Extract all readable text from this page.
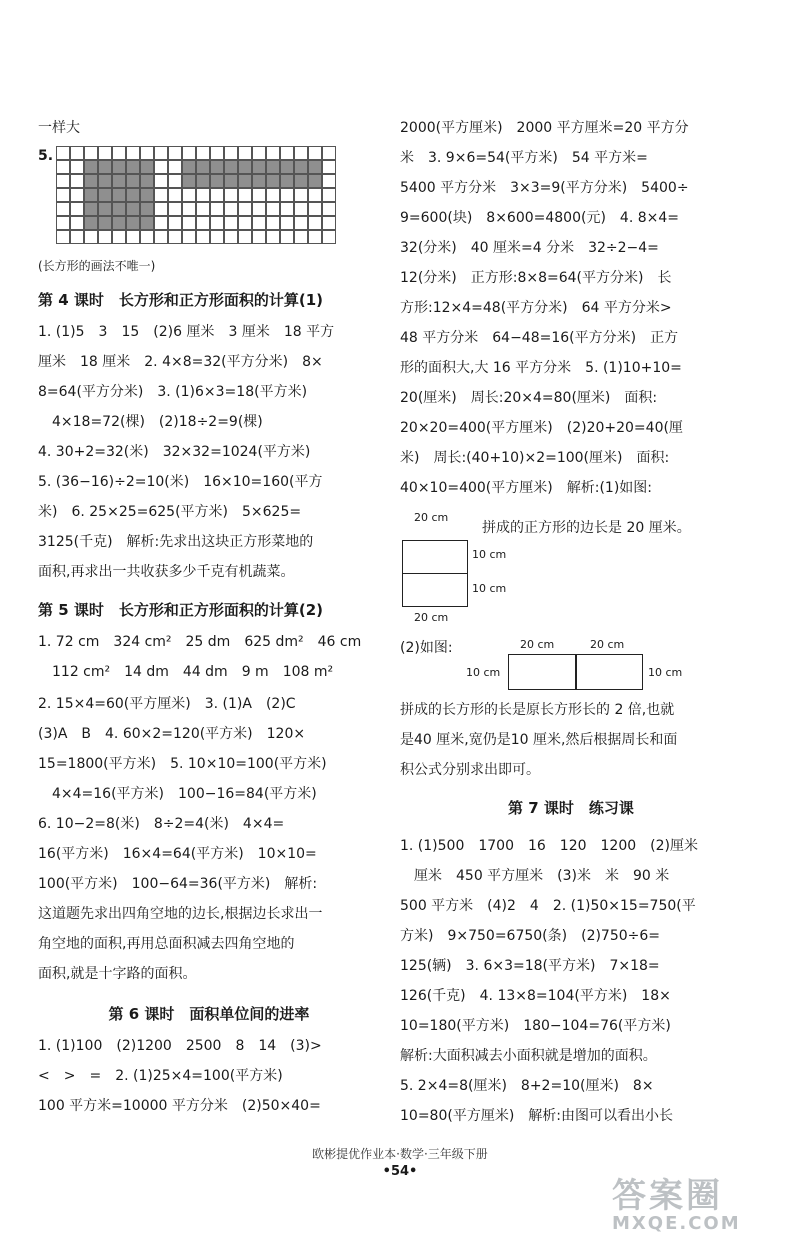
一样大
5.
(长方形的画法不唯一)
第 4 课时　长方形和正方形面积的计算(1)
1. (1)5　3　15　(2)6 厘米　3 厘米　18 平方
厘米　18 厘米　2. 4×8=32(平方分米)　8×
8=64(平方分米)　3. (1)6×3=18(平方米)
4×18=72(棵)　(2)18÷2=9(棵)
4. 30+2=32(米)　32×32=1024(平方米)
5. (36−16)÷2=10(米)　16×10=160(平方
米)　6. 25×25=625(平方米)　5×625=
3125(千克)　解析:先求出这块正方形菜地的
面积,再求出一共收获多少千克有机蔬菜。
第 5 课时　长方形和正方形面积的计算(2)
1. 72 cm　324 cm²　25 dm　625 dm²　46 cm
112 cm²　14 dm　44 dm　9 m　108 m²
2. 15×4=60(平方厘米)　3. (1)A　(2)C
(3)A　B　4. 60×2=120(平方米)　120×
15=1800(平方米)　5. 10×10=100(平方米)
4×4=16(平方米)　100−16=84(平方米)
6. 10−2=8(米)　8÷2=4(米)　4×4=
16(平方米)　16×4=64(平方米)　10×10=
100(平方米)　100−64=36(平方米)　解析:
这道题先求出四角空地的边长,根据边长求出一
角空地的面积,再用总面积减去四角空地的
面积,就是十字路的面积。
第 6 课时　面积单位间的进率
1. (1)100　(2)1200　2500　8　14　(3)>
<　>　=　2. (1)25×4=100(平方米)
100 平方米=10000 平方分米　(2)50×40=
2000(平方厘米)　2000 平方厘米=20 平方分
米　3. 9×6=54(平方米)　54 平方米=
5400 平方分米　3×3=9(平方分米)　5400÷
9=600(块)　8×600=4800(元)　4. 8×4=
32(分米)　40 厘米=4 分米　32÷2−4=
12(分米)　正方形:8×8=64(平方分米)　长
方形:12×4=48(平方分米)　64 平方分米>
48 平方分米　64−48=16(平方分米)　正方
形的面积大,大 16 平方分米　5. (1)10+10=
20(厘米)　周长:20×4=80(厘米)　面积:
20×20=400(平方厘米)　(2)20+20=40(厘
米)　周长:(40+10)×2=100(厘米)　面积:
40×10=400(平方厘米)　解析:(1)如图:
20 cm
拼成的正方形的边长是 20 厘米。
10 cm
10 cm
20 cm
(2)如图:	20 cm	20 cm
10 cm	10 cm
拼成的长方形的长是原长方形长的 2 倍,也就
是40 厘米,宽仍是10 厘米,然后根据周长和面
积公式分别求出即可。
第 7 课时　练习课
1. (1)500　1700　16　120　1200　(2)厘米
厘米　450 平方厘米　(3)米　米　90 米
500 平方米　(4)2　4　2. (1)50×15=750(平
方米)　9×750=6750(条)　(2)750÷6=
125(辆)　3. 6×3=18(平方米)　7×18=
126(千克)　4. 13×8=104(平方米)　18×
10=180(平方米)　180−104=76(平方米)
解析:大面积减去小面积就是增加的面积。
5. 2×4=8(厘米)　8+2=10(厘米)　8×
10=80(平方厘米)　解析:由图可以看出小长
欧彬提优作业本·数学·三年级下册
•54•
答案圈
MXQE.COM
